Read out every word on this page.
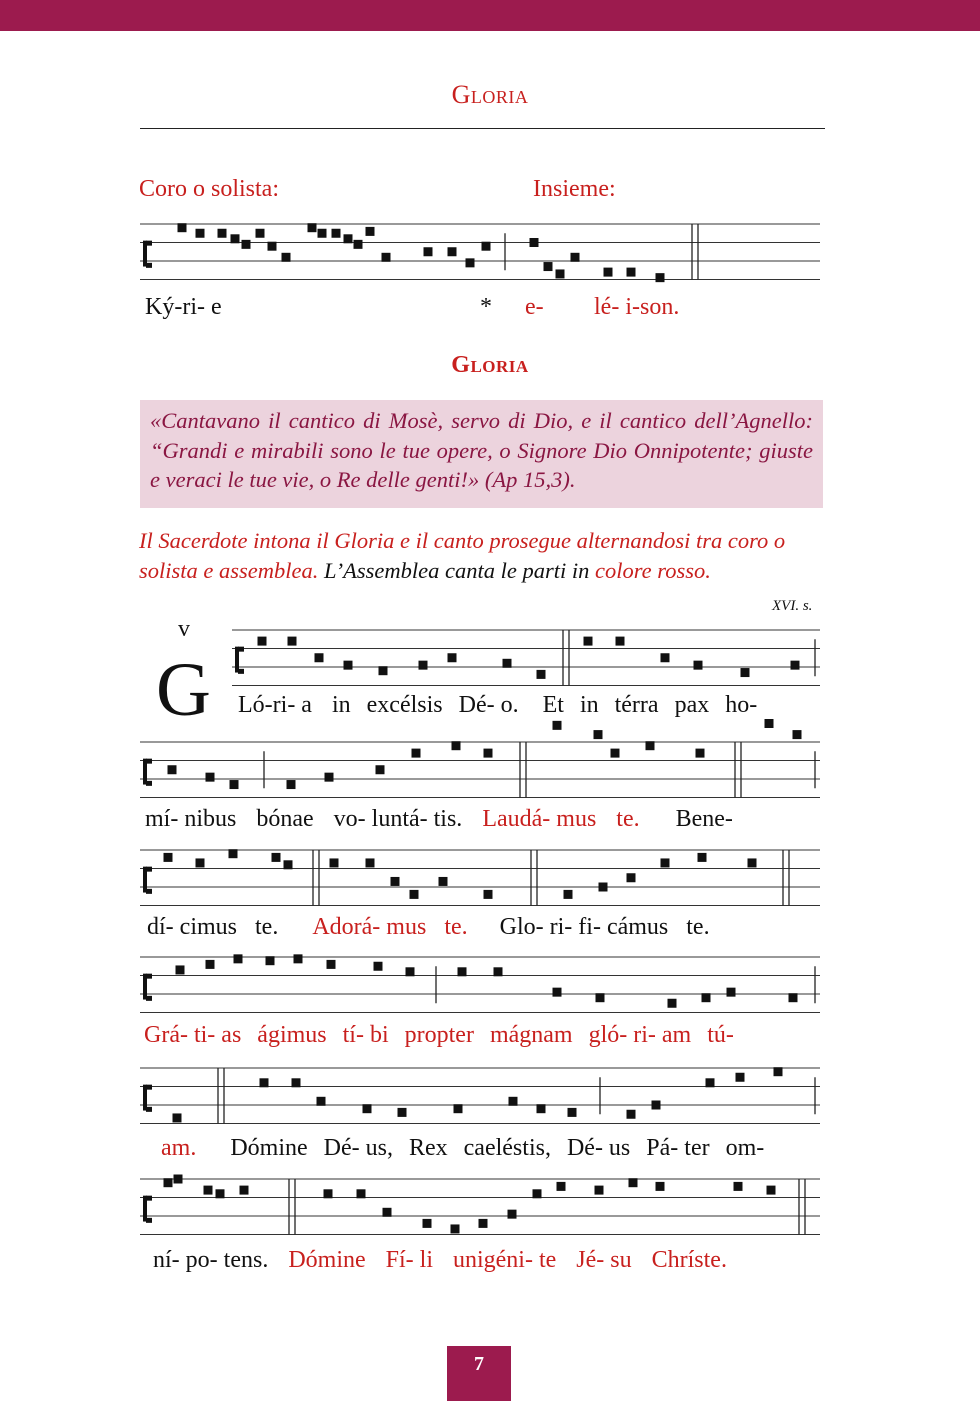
Gloria
Coro o solista:	Insieme:
Ký-ri- e	* e- lé- i-son.
Gloria
«Cantavano il cantico di Mosè, servo di Dio, e il cantico dell’Agnello: “Grandi e mirabili sono le tue opere, o Signore Dio Onnipotente; giuste e veraci le tue vie, o Re delle genti!» (Ap 15,3).
Il Sacerdote intona il Gloria e il canto prosegue alternandosi tra coro o solista e assemblea. L’Assemblea canta le parti in colore rosso.
XVI. s.
v
G Ló-ri- a in excélsis Dé- o. Et in térra pax ho-
mí- nibus bónae vo- luntá- tis. Laudá- mus te. Bene-
dí- cimus te. Adorá- mus te. Glo- ri- fi- cámus te.
Grá- ti- as ágimus tí- bi propter mágnam gló- ri- am tú-
am. Dómine Dé- us, Rex caeléstis, Dé- us Pá- ter om-
ní- po- tens. Dómine Fí- li unigéni- te Jé- su Chríste.
7
